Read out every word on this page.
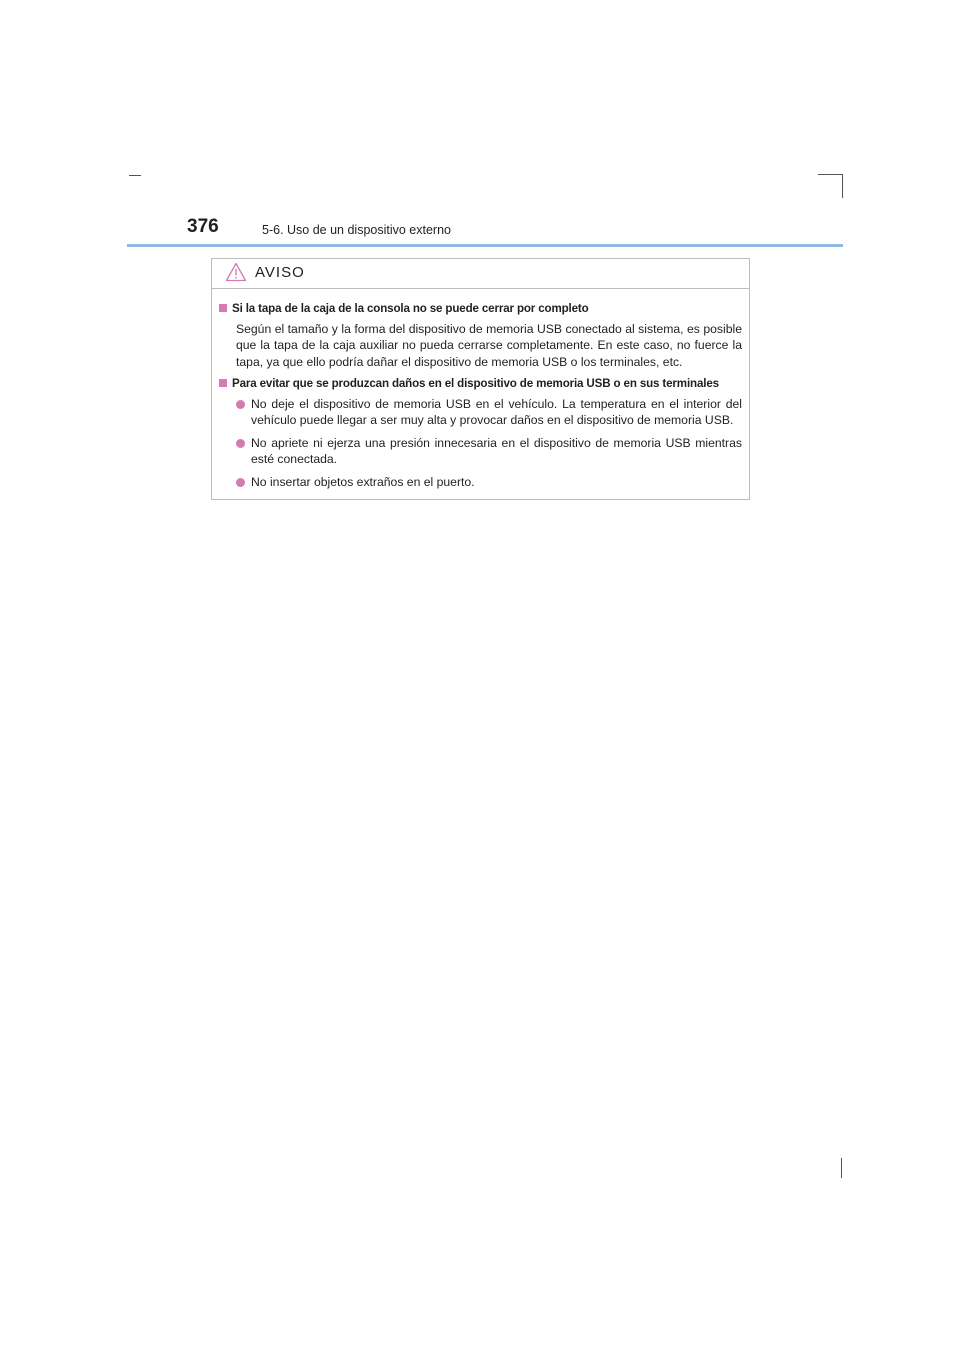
376	5-6. Uso de un dispositivo externo
AVISO
Si la tapa de la caja de la consola no se puede cerrar por completo
Según el tamaño y la forma del dispositivo de memoria USB conectado al sistema, es posible que la tapa de la caja auxiliar no pueda cerrarse completamente. En este caso, no fuerce la tapa, ya que ello podría dañar el dispositivo de memoria USB o los terminales, etc.
Para evitar que se produzcan daños en el dispositivo de memoria USB o en sus terminales
No deje el dispositivo de memoria USB en el vehículo. La temperatura en el interior del vehículo puede llegar a ser muy alta y provocar daños en el dispositivo de memoria USB.
No apriete ni ejerza una presión innecesaria en el dispositivo de memoria USB mientras esté conectada.
No insertar objetos extraños en el puerto.
